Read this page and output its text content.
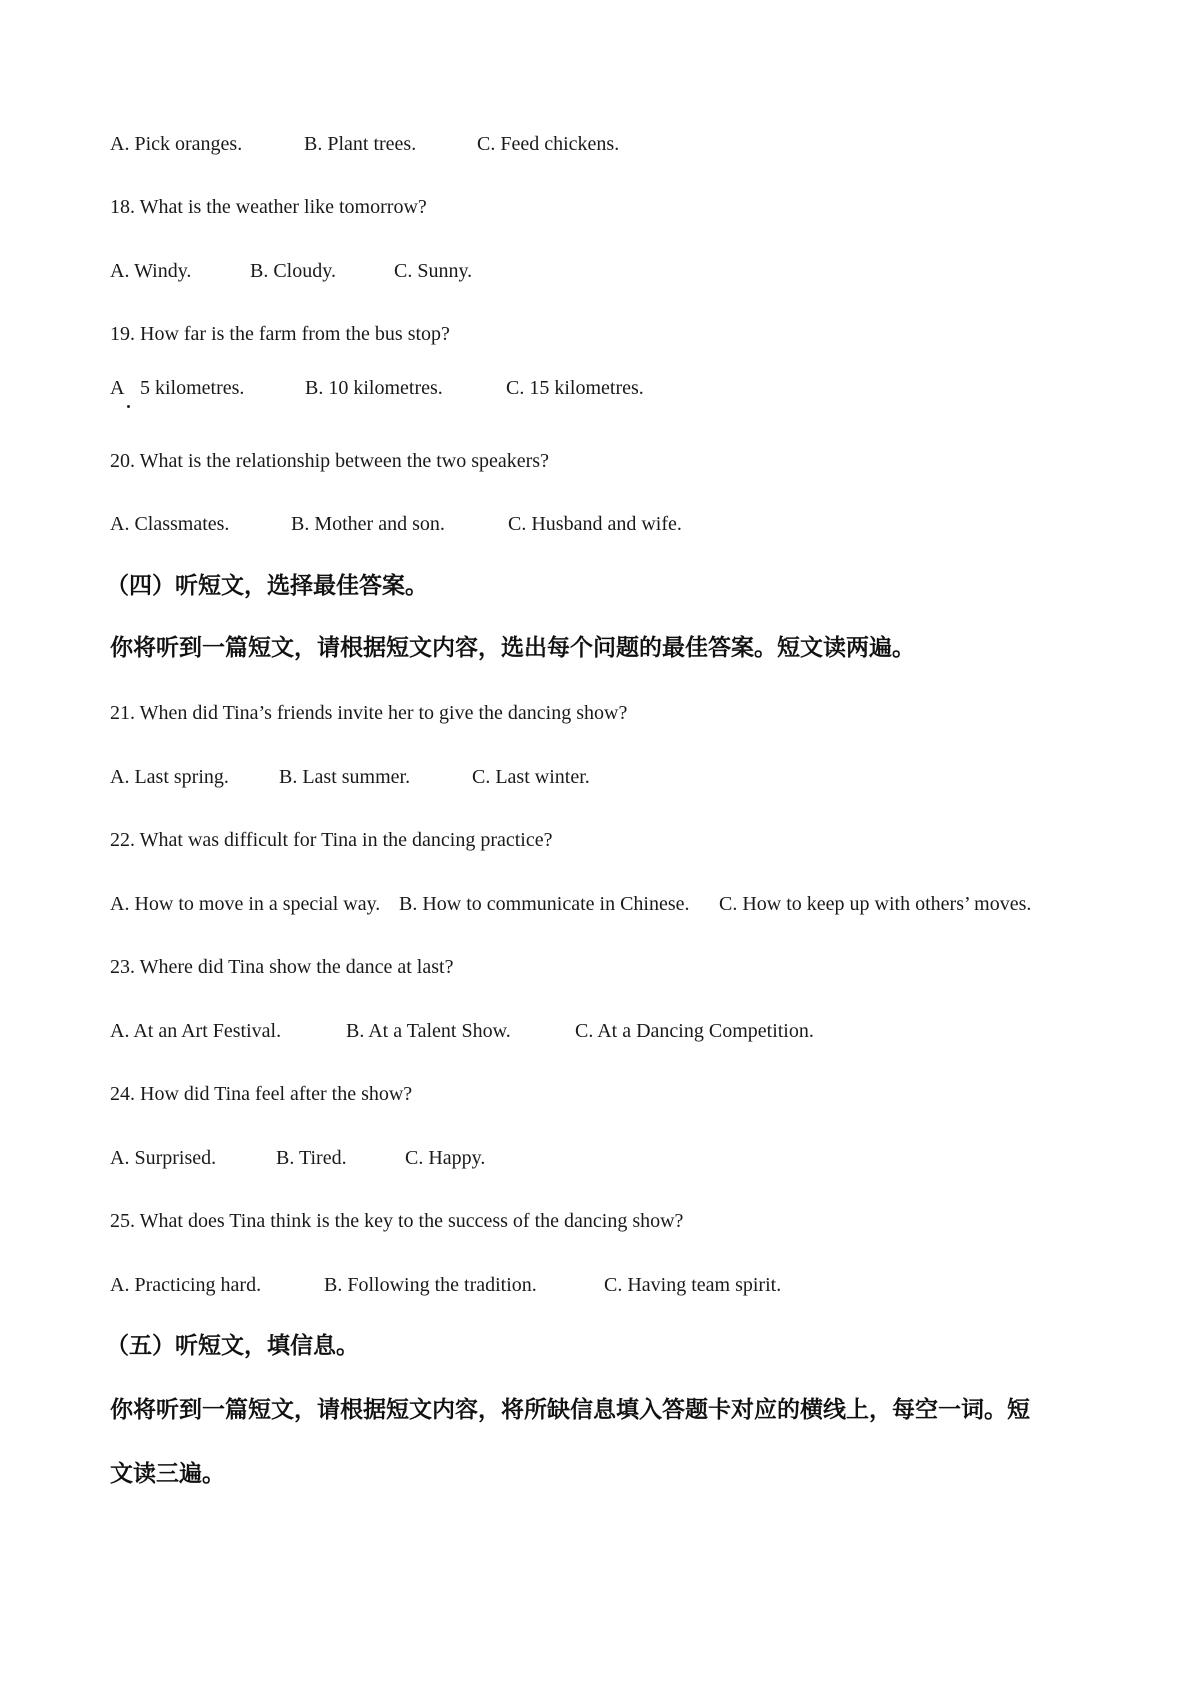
A. Pick oranges.	B. Plant trees.	C. Feed chickens.
18. What is the weather like tomorrow?
A. Windy.	B. Cloudy.	C. Sunny.
19. How far is the farm from the bus stop?
A 5 kilometres.	B. 10 kilometres.	C. 15 kilometres.
20. What is the relationship between the two speakers?
A. Classmates.	B. Mother and son.	C. Husband and wife.
（四）听短文，选择最佳答案。
你将听到一篇短文，请根据短文内容，选出每个问题的最佳答案。短文读两遍。
21. When did Tina’s friends invite her to give the dancing show?
A. Last spring.	B. Last summer.	C. Last winter.
22. What was difficult for Tina in the dancing practice?
A. How to move in a special way. B. How to communicate in Chinese. C. How to keep up with others’ moves.
23. Where did Tina show the dance at last?
A. At an Art Festival.	B. At a Talent Show.	C. At a Dancing Competition.
24. How did Tina feel after the show?
A. Surprised.	B. Tired.	C. Happy.
25. What does Tina think is the key to the success of the dancing show?
A. Practicing hard.	B. Following the tradition.	C. Having team spirit.
（五）听短文，填信息。
你将听到一篇短文，请根据短文内容，将所缺信息填入答题卡对应的横线上，每空一词。短
文读三遍。
